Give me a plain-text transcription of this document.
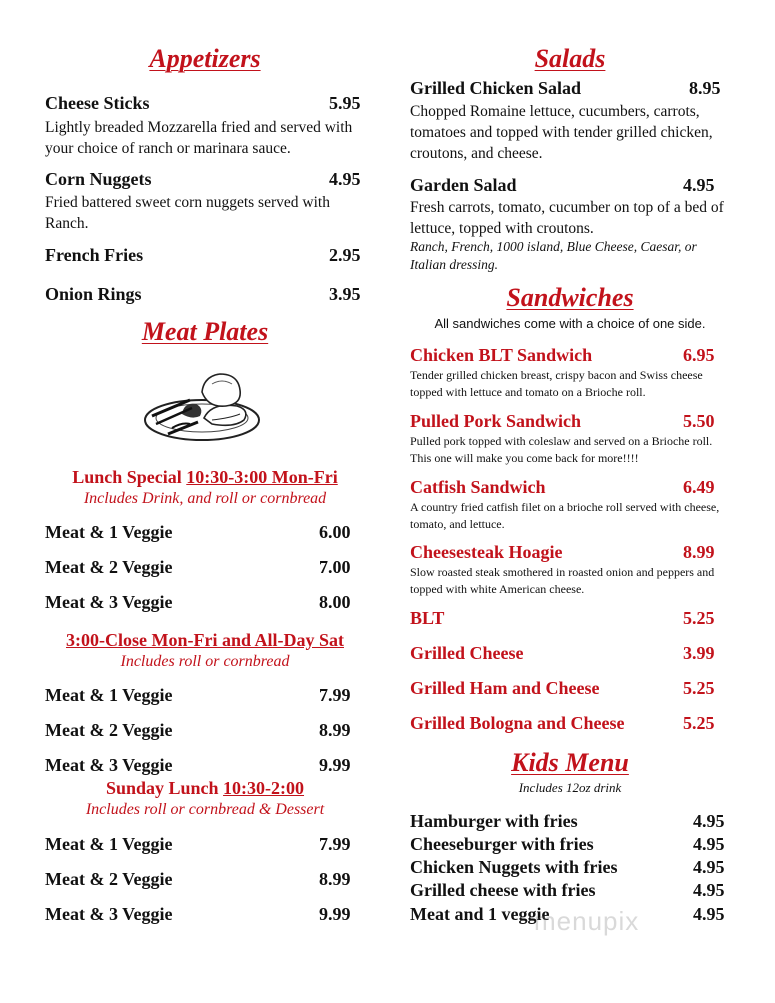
Appetizers
Cheese Sticks	5.95
Lightly breaded Mozzarella fried and served with your choice of ranch or marinara sauce.
Corn Nuggets	4.95
Fried battered sweet corn nuggets served with Ranch.
French Fries	2.95
Onion Rings	3.95
Meat Plates
Lunch Special 10:30-3:00 Mon-Fri
Includes Drink, and roll or cornbread
Meat & 1 Veggie	6.00
Meat & 2 Veggie	7.00
Meat & 3 Veggie	8.00
3:00-Close Mon-Fri and All-Day Sat
Includes roll or cornbread
Meat & 1 Veggie	7.99
Meat & 2 Veggie	8.99
Meat & 3 Veggie	9.99
Sunday Lunch 10:30-2:00
Includes roll or cornbread & Dessert
Meat & 1 Veggie	7.99
Meat & 2 Veggie	8.99
Meat & 3 Veggie	9.99
Salads
Grilled Chicken Salad	8.95
Chopped Romaine lettuce, cucumbers, carrots, tomatoes and topped with tender grilled chicken, croutons, and cheese.
Garden Salad	4.95
Fresh carrots, tomato, cucumber on top of a bed of lettuce, topped with croutons.
Ranch, French, 1000 island, Blue Cheese, Caesar, or Italian dressing.
Sandwiches
All sandwiches come with a choice of one side.
Chicken BLT Sandwich	6.95
Tender grilled chicken breast, crispy bacon and Swiss cheese topped with lettuce and tomato on a Brioche roll.
Pulled Pork Sandwich	5.50
Pulled pork topped with coleslaw and served on a Brioche roll. This one will make you come back for more!!!!
Catfish Sandwich	6.49
A country fried catfish filet on a brioche roll served with cheese, tomato, and lettuce.
Cheesesteak Hoagie	8.99
Slow roasted steak smothered in roasted onion and peppers and topped with white American cheese.
BLT	5.25
Grilled Cheese	3.99
Grilled Ham and Cheese	5.25
Grilled Bologna and Cheese	5.25
Kids Menu
Includes 12oz drink
Hamburger with fries	4.95
Cheeseburger with fries	4.95
Chicken Nuggets with fries	4.95
Grilled cheese with fries	4.95
Meat and 1 veggie	4.95
menupix
